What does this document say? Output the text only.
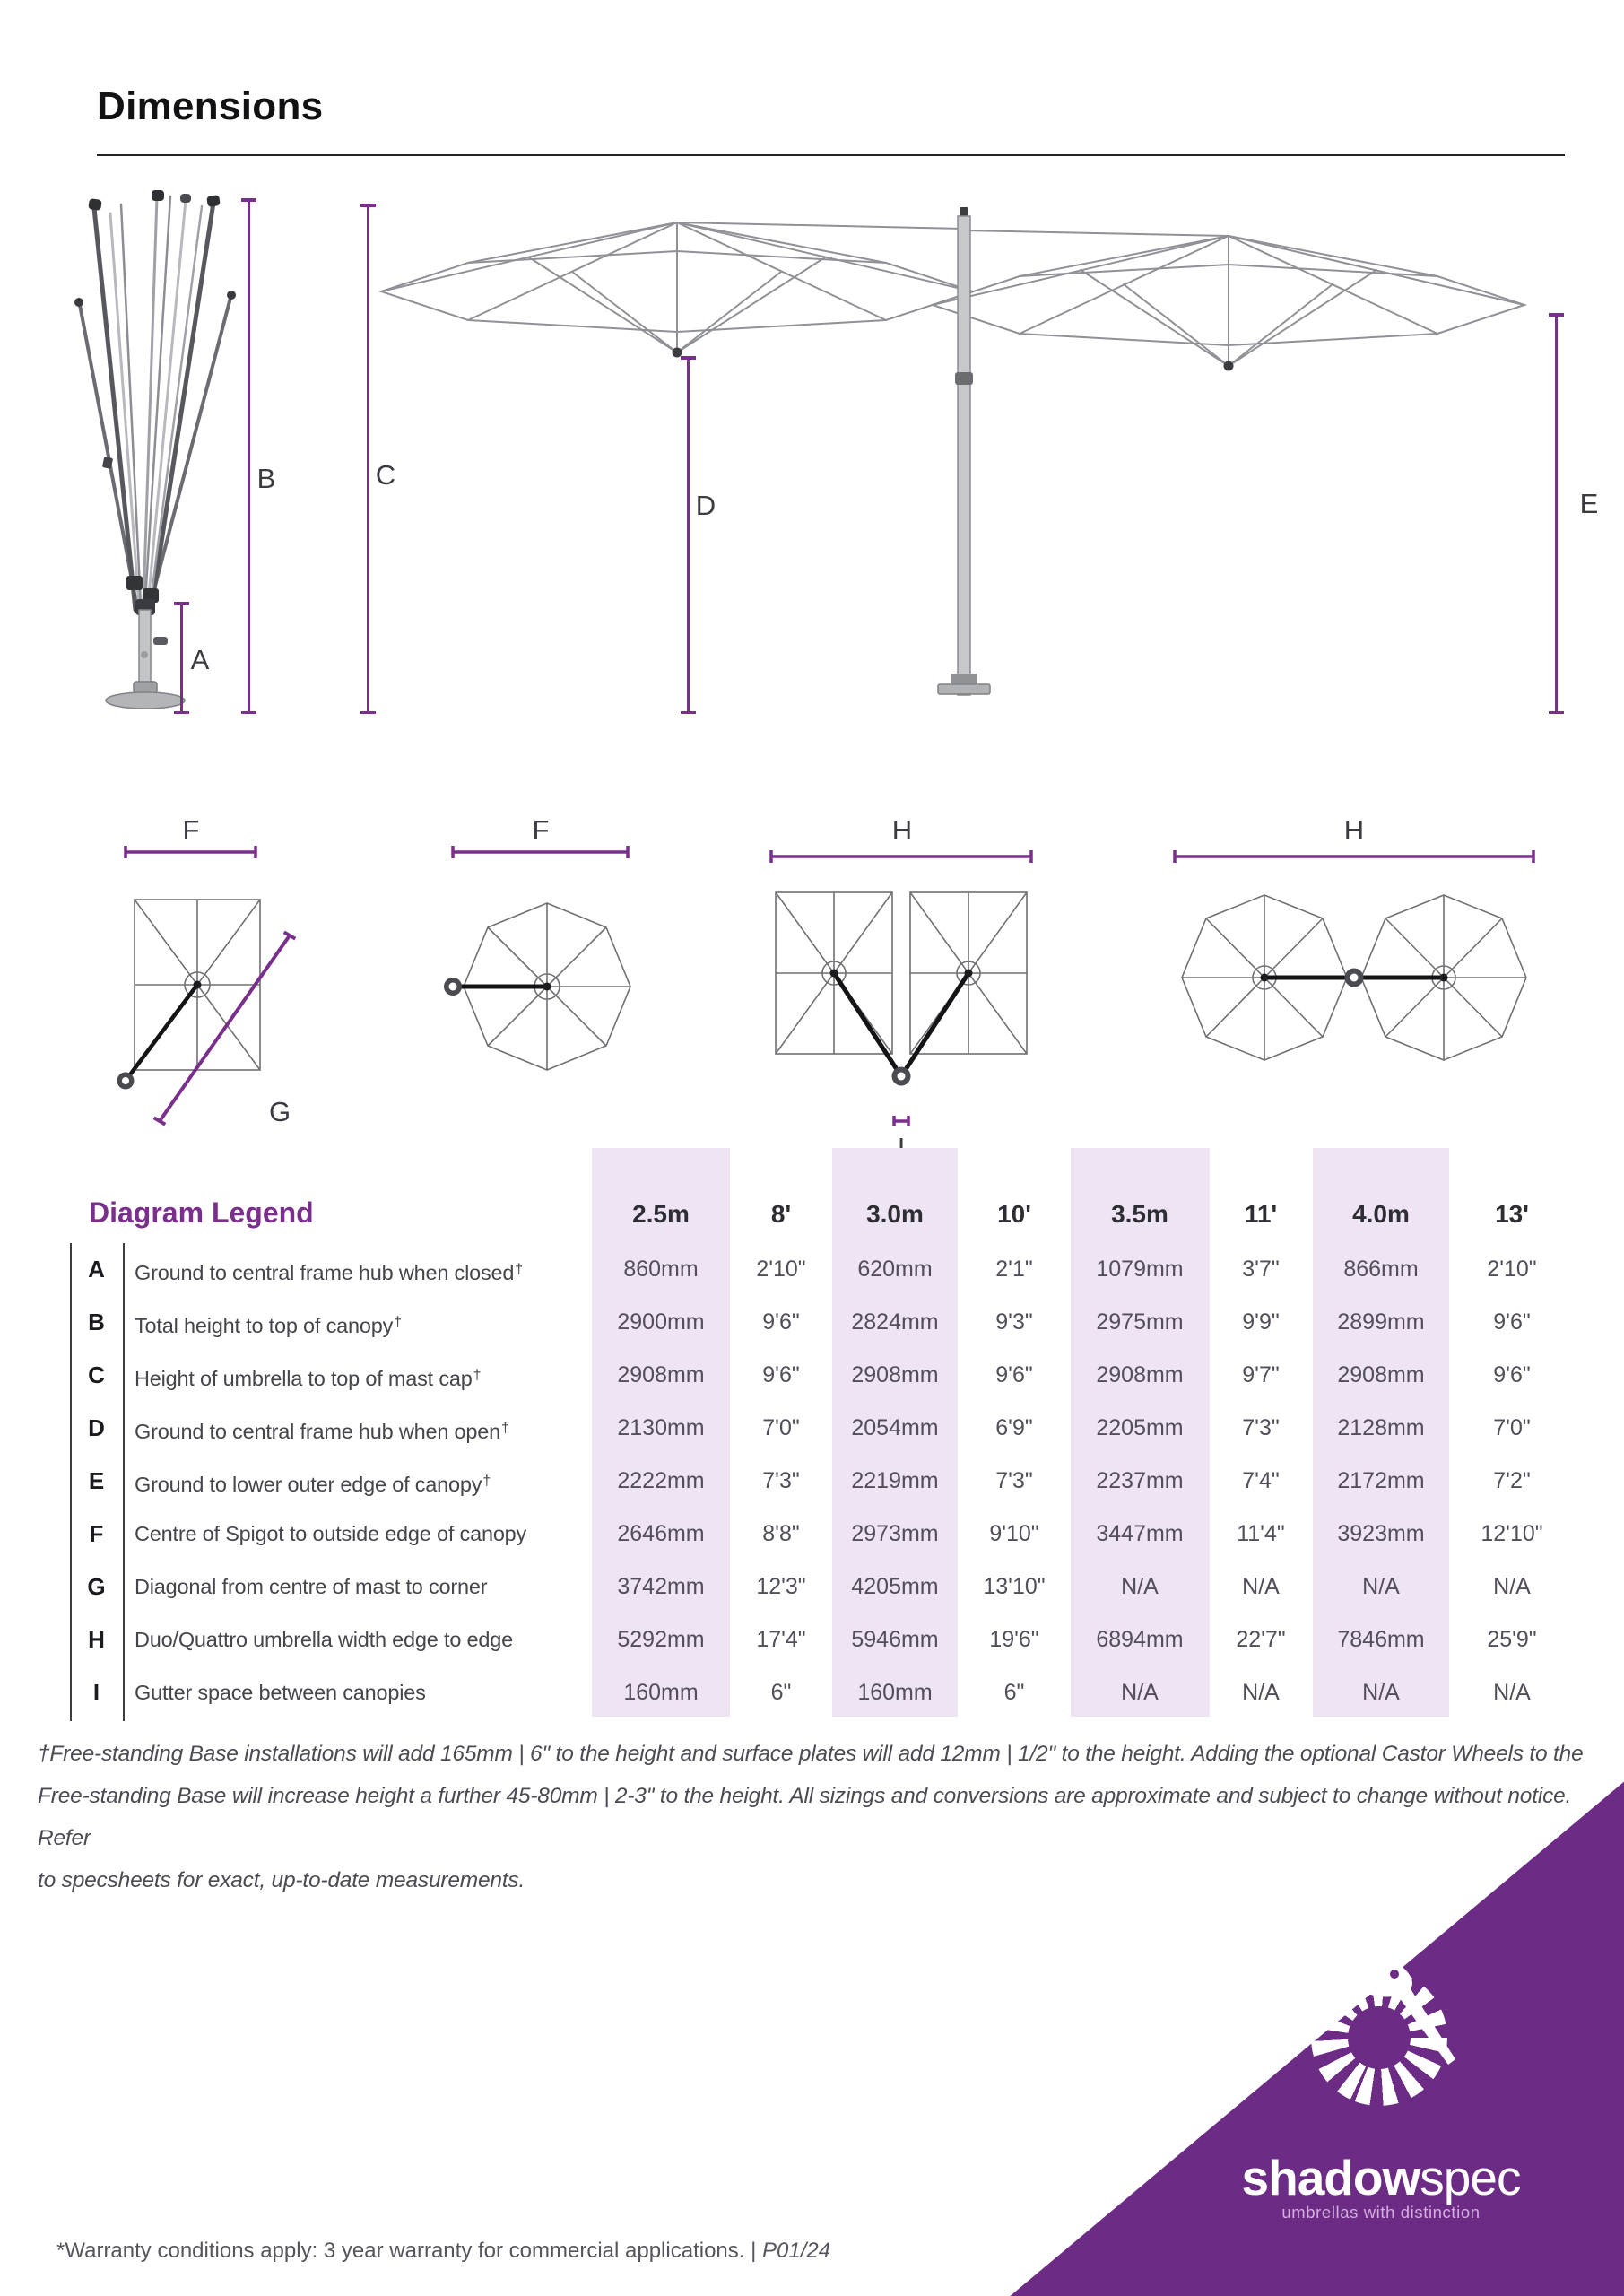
Dimensions
A
B	C
D	E
F	F	H	H
G
Diagram Legend	2.5m	8'	3.0m	10'	3.5m	11'	4.0m	13'
A	Ground to central frame hub when closed†	860mm	2'10"	620mm	2'1"	1079mm	3'7"	866mm	2'10"
B	Total height to top of canopy†	2900mm	9'6"	2824mm	9'3"	2975mm	9'9"	2899mm	9'6"
C	Height of umbrella to top of mast cap†	2908mm	9'6"	2908mm	9'6"	2908mm	9'7"	2908mm	9'6"
D	Ground to central frame hub when open†	2130mm	7'0"	2054mm	6'9"	2205mm	7'3"	2128mm	7'0"
E	Ground to lower outer edge of canopy†	2222mm	7'3"	2219mm	7'3"	2237mm	7'4"	2172mm	7'2"
F	Centre of Spigot to outside edge of canopy	2646mm	8'8"	2973mm	9'10"	3447mm	11'4"	3923mm	12'10"
G	Diagonal from centre of mast to corner	3742mm	12'3"	4205mm	13'10"	N/A	N/A	N/A	N/A
H	Duo/Quattro umbrella width edge to edge	5292mm	17'4"	5946mm	19'6"	6894mm	22'7"	7846mm	25'9"
I	Gutter space between canopies	160mm	6"	160mm	6"	N/A	N/A	N/A	N/A
†Free-standing Base installations will add 165mm | 6" to the height and surface plates will add 12mm | 1/2" to the height. Adding the optional Castor Wheels to the
Free-standing Base will increase height a further 45-80mm | 2-3" to the height. All sizings and conversions are approximate and subject to change without notice. Refer
to specsheets for exact, up-to-date measurements.
shadowspec
umbrellas with distinction
*Warranty conditions apply: 3 year warranty for commercial applications. | P01/24
